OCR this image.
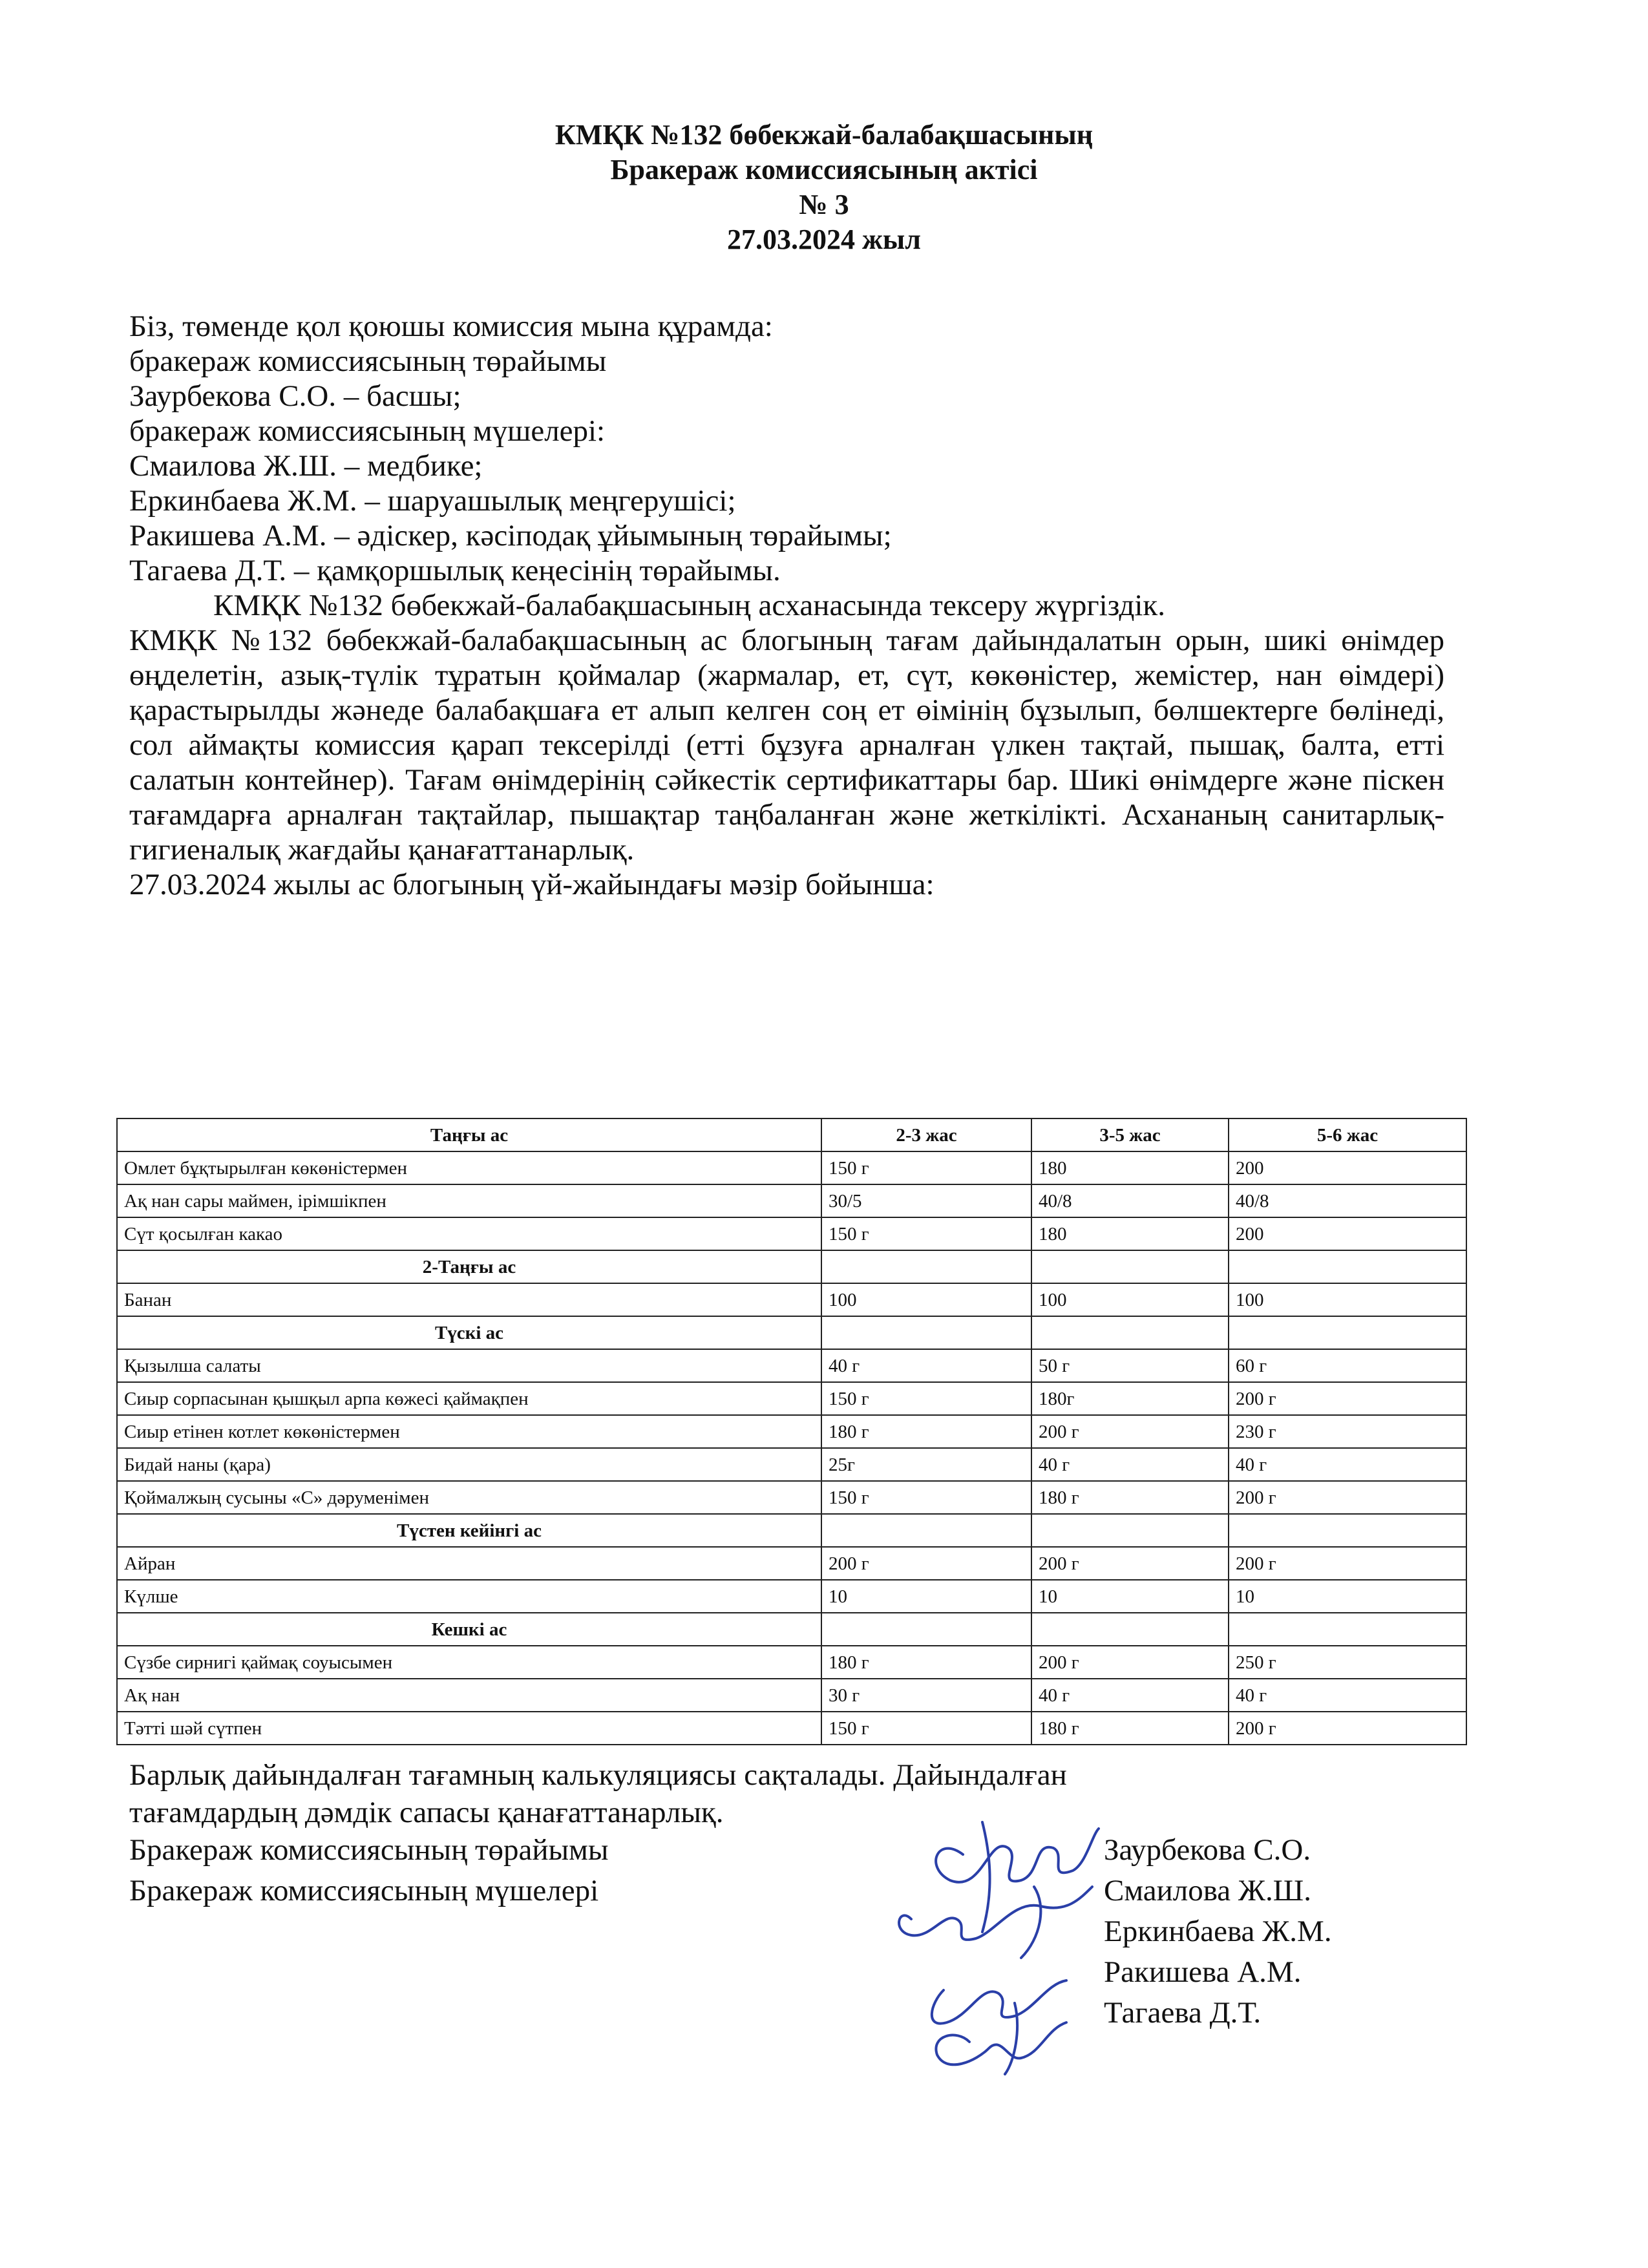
КМҚК №132 бөбекжай-балабақшасының
Бракераж комиссиясының актісі
№ 3
27.03.2024 жыл
Біз, төменде қол қоюшы комиссия мына құрамда:
бракераж комиссиясының төрайымы
Заурбекова С.О. – басшы;
бракераж комиссиясының мүшелері:
Смаилова Ж.Ш. – медбике;
Еркинбаева Ж.М. – шаруашылық меңгерушісі;
Ракишева А.М. – әдіскер, кәсіподақ ұйымының төрайымы;
Тагаева Д.Т. – қамқоршылық кеңесінің төрайымы.
КМҚК №132 бөбекжай-балабақшасының асханасында тексеру жүргіздік.
КМҚК №132 бөбекжай-балабақшасының ас блогының тағам дайындалатын орын, шикі өнімдер өңделетін, азық-түлік тұратын қоймалар (жармалар, ет, сүт, көкөністер, жемістер, нан өімдері) қарастырылды жәнеде балабақшаға ет алып келген соң ет өімінің бұзылып, бөлшектерге бөлінеді, сол аймақты комиссия қарап тексерілді (етті бұзуға арналған үлкен тақтай, пышақ, балта, етті салатын контейнер). Тағам өнімдерінің сәйкестік сертификаттары бар. Шикі өнімдерге және піскен тағамдарға арналған тақтайлар, пышақтар таңбаланған және жеткілікті. Асхананың санитарлық-гигиеналық жағдайы қанағаттанарлық.
27.03.2024 жылы ас блогының үй-жайындағы мәзір бойынша:
Таңғы ас	2-3 жас	3-5 жас	5-6 жас
Омлет бұқтырылған көкөністермен	150 г	180	200
Ақ нан сары маймен, ірімшікпен	30/5	40/8	40/8
Сүт қосылған какао	150 г	180	200
2-Таңғы ас			
Банан	100	100	100
Түскі ас			
Қызылша салаты	40 г	50 г	60 г
Сиыр сорпасынан қышқыл арпа көжесі қаймақпен	150 г	180г	200 г
Сиыр етінен котлет көкөністермен	180 г	200 г	230 г
Бидай наны (қара)	25г	40 г	40 г
Қоймалжың сусыны «С» дәруменімен	150 г	180 г	200 г
Түстен кейінгі ас			
Айран	200 г	200 г	200 г
Күлше	10	10	10
Кешкі ас			
Сүзбе сирнигі қаймақ соуысымен	180 г	200 г	250 г
Ақ нан	30 г	40 г	40 г
Тәтті шәй сүтпен	150 г	180 г	200 г
Барлық дайындалған тағамның калькуляциясы сақталады. Дайындалған
тағамдардың дәмдік сапасы қанағаттанарлық.
Бракераж комиссиясының төрайымы	Заурбекова С.О.
Бракераж комиссиясының мүшелері	Смаилова Ж.Ш.
Еркинбаева Ж.М.
Ракишева А.М.
Тагаева Д.Т.
